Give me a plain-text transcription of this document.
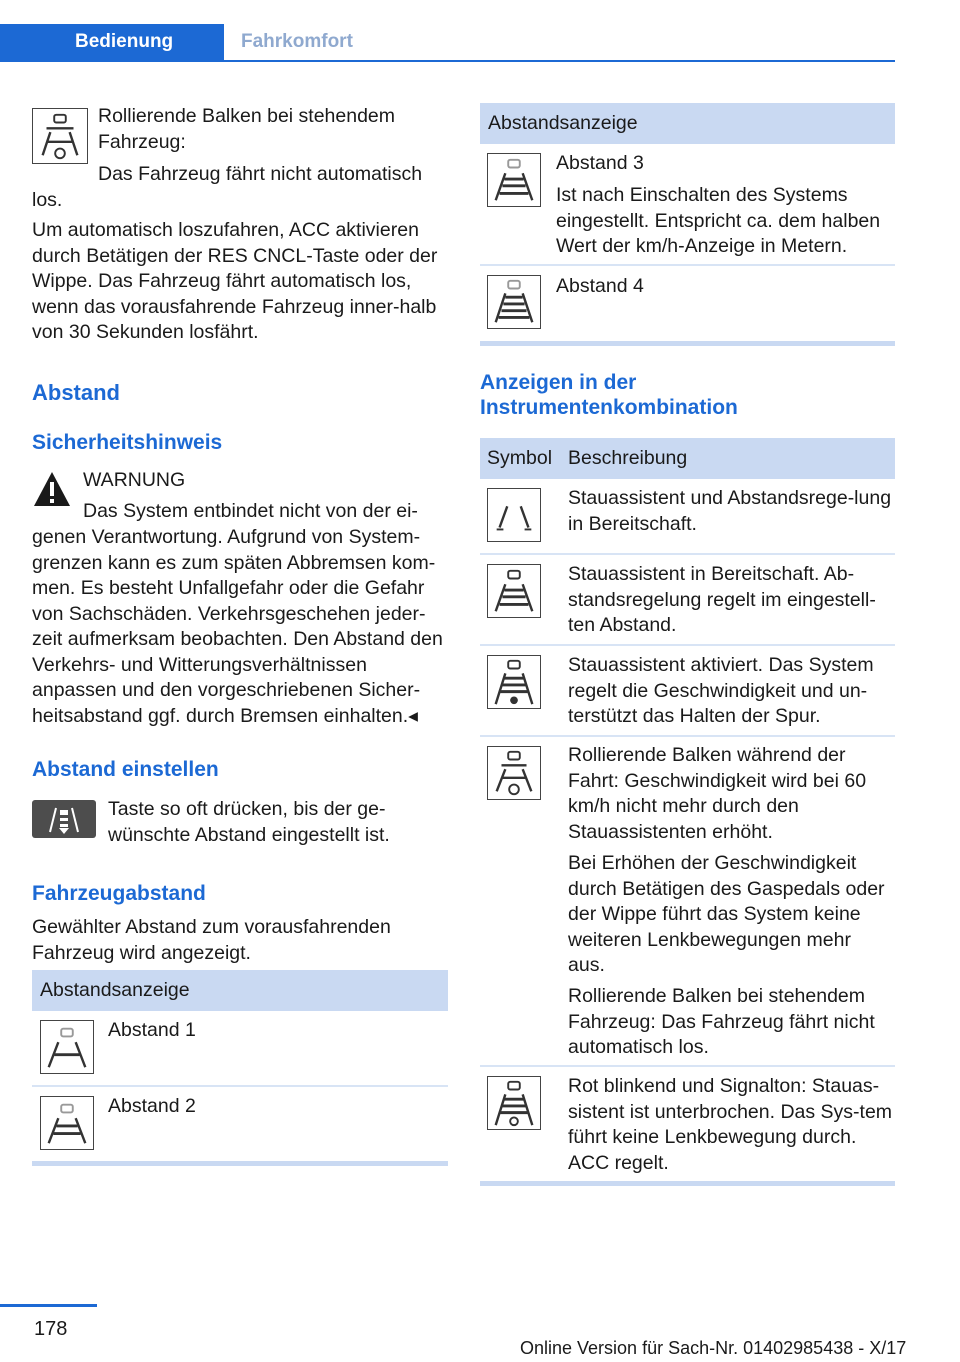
Bedienung	Fahrkomfort

Rollierende Balken bei stehendem Fahrzeug:

Das Fahrzeug fährt nicht automatisch

los.

Um automatisch loszufahren, ACC aktivieren durch Betätigen der RES CNCL-Taste oder der Wippe. Das Fahrzeug fährt automatisch los, wenn das vorausfahrende Fahrzeug inner-halb von 30 Sekunden losfährt.

Abstand
Sicherheitshinweis

WARNUNG

Das System entbindet nicht von der ei-

genen Verantwortung. Aufgrund von System-grenzen kann es zum späten Abbremsen kom-men. Es besteht Unfallgefahr oder die Gefahr von Sachschäden. Verkehrsgeschehen jeder-zeit aufmerksam beobachten. Den Abstand den Verkehrs- und Witterungsverhältnissen anpassen und den vorgeschriebenen Sicher-heitsabstand ggf. durch Bremsen einhalten.◂

Abstand einstellen

Taste so oft drücken, bis der ge-wünschte Abstand eingestellt ist.

Fahrzeugabstand

Gewählter Abstand zum vorausfahrenden Fahrzeug wird angezeigt.

Abstandsanzeige
Abstand 1
Abstand 2
Abstandsanzeige
Abstand 3
Ist nach Einschalten des Systems eingestellt. Entspricht ca. dem halben Wert der km/h-Anzeige in Metern.
Abstand 4
Anzeigen in der Instrumentenkombination
Symbol Beschreibung
Stauassistent und Abstandsrege-lung in Bereitschaft.
Stauassistent in Bereitschaft. Ab-standsregelung regelt im eingestell-ten Abstand.
Stauassistent aktiviert. Das System regelt die Geschwindigkeit und un-terstützt das Halten der Spur.
Rollierende Balken während der Fahrt: Geschwindigkeit wird bei 60 km/h nicht mehr durch den Stauassistenten erhöht.
Bei Erhöhen der Geschwindigkeit durch Betätigen des Gaspedals oder der Wippe führt das System keine weiteren Lenkbewegungen mehr aus.
Rollierende Balken bei stehendem Fahrzeug: Das Fahrzeug fährt nicht automatisch los.
Rot blinkend und Signalton: Stauas-sistent ist unterbrochen. Das Sys-tem führt keine Lenkbewegung durch. ACC regelt.
178
Online Version für Sach-Nr. 01402985438 - X/17
